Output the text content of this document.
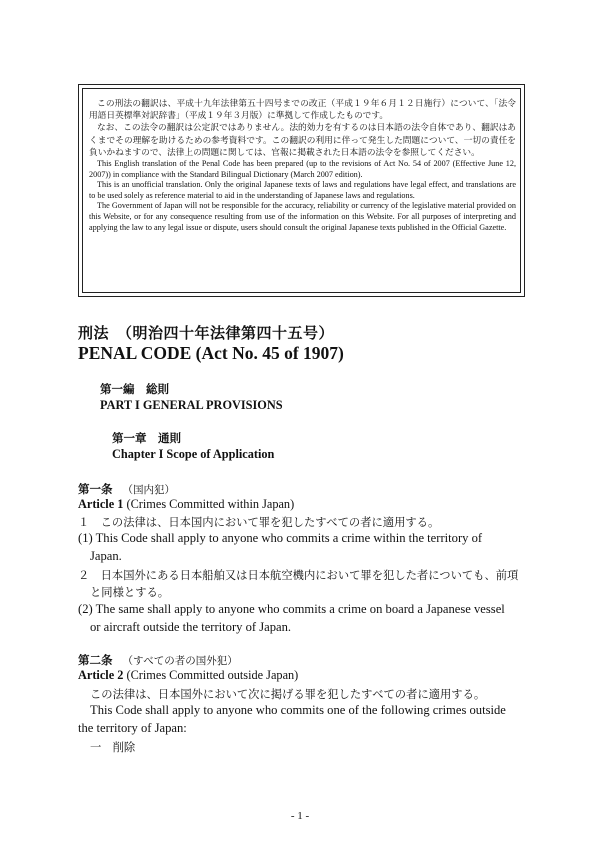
この刑法の翻訳は、平成十九年法律第五十四号までの改正（平成１９年６月１２日施行）について、「法令用語日英標準対訳辞書」（平成１９年３月版）に準拠して作成したものです。

なお、この法令の翻訳は公定訳ではありません。法的効力を有するのは日本語の法令自体であり、翻訳はあくまでその理解を助けるための参考資料です。この翻訳の利用に伴って発生した問題について、一切の責任を負いかねますので、法律上の問題に関しては、官報に掲載された日本語の法令を参照してください。

This English translation of the Penal Code has been prepared (up to the revisions of Act No. 54 of 2007 (Effective June 12, 2007)) in compliance with the Standard Bilingual Dictionary (March 2007 edition).

This is an unofficial translation. Only the original Japanese texts of laws and regulations have legal effect, and translations are to be used solely as reference material to aid in the understanding of Japanese laws and regulations.

The Government of Japan will not be responsible for the accuracy, reliability or currency of the legislative material provided on this Website, or for any consequence resulting from use of the information on this Website. For all purposes of interpreting and applying the law to any legal issue or dispute, users should consult the original Japanese texts published in the Official Gazette.

刑法　（明治四十年法律第四十五号）
PENAL CODE (Act No. 45 of 1907)
第一編　総則
PART I GENERAL PROVISIONS
第一章　通則
Chapter I Scope of Application
第一条 （国内犯）
Article 1 (Crimes Committed within Japan)
１　この法律は、日本国内において罪を犯したすべての者に適用する。
(1) This Code shall apply to anyone who commits a crime within the territory of
Japan.
２　日本国外にある日本船舶又は日本航空機内において罪を犯した者についても、前項
と同様とする。
(2) The same shall apply to anyone who commits a crime on board a Japanese vessel
or aircraft outside the territory of Japan.
第二条 （すべての者の国外犯）
Article 2 (Crimes Committed outside Japan)
この法律は、日本国外において次に掲げる罪を犯したすべての者に適用する。
This Code shall apply to anyone who commits one of the following crimes outside
the territory of Japan:
一　削除
- 1 -
